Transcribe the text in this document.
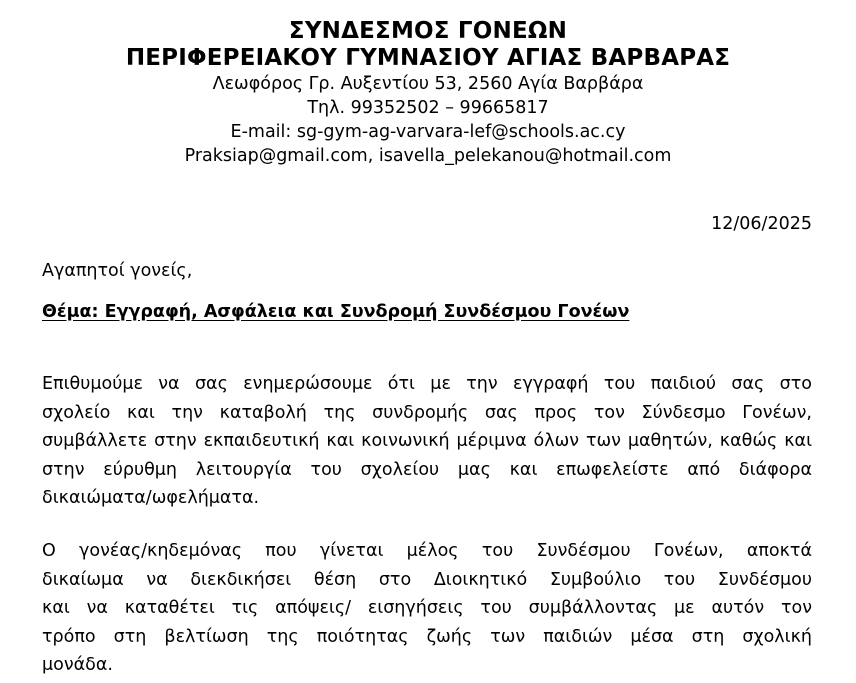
ΣΥΝΔΕΣΜΟΣ ΓΟΝΕΩΝ
ΠΕΡΙΦΕΡΕΙΑΚΟΥ ΓΥΜΝΑΣΙΟΥ ΑΓΙΑΣ ΒΑΡΒΑΡΑΣ
Λεωφόρος Γρ. Αυξεντίου 53, 2560 Αγία Βαρβάρα
Τηλ. 99352502 – 99665817
E-mail: sg-gym-ag-varvara-lef@schools.ac.cy
Praksiap@gmail.com, isavella_pelekanou@hotmail.com
12/06/2025
Αγαπητοί γονείς,
Θέμα: Εγγραφή, Ασφάλεια και Συνδρομή Συνδέσμου Γονέων
Επιθυμούμε να σας ενημερώσουμε ότι με την εγγραφή του παιδιού σας στο
σχολείο και την καταβολή της συνδρομής σας προς τον Σύνδεσμο Γονέων,
συμβάλλετε στην εκπαιδευτική και κοινωνική μέριμνα όλων των μαθητών, καθώς και
στην εύρυθμη λειτουργία του σχολείου μας και επωφελείστε από διάφορα
δικαιώματα/ωφελήματα.
Ο γονέας/κηδεμόνας που γίνεται μέλος του Συνδέσμου Γονέων, αποκτά
δικαίωμα να διεκδικήσει θέση στο Διοικητικό Συμβούλιο του Συνδέσμου
και να καταθέτει τις απόψεις/ εισηγήσεις του συμβάλλοντας με αυτόν τον
τρόπο στη βελτίωση της ποιότητας ζωής των παιδιών μέσα στη σχολική
μονάδα.
